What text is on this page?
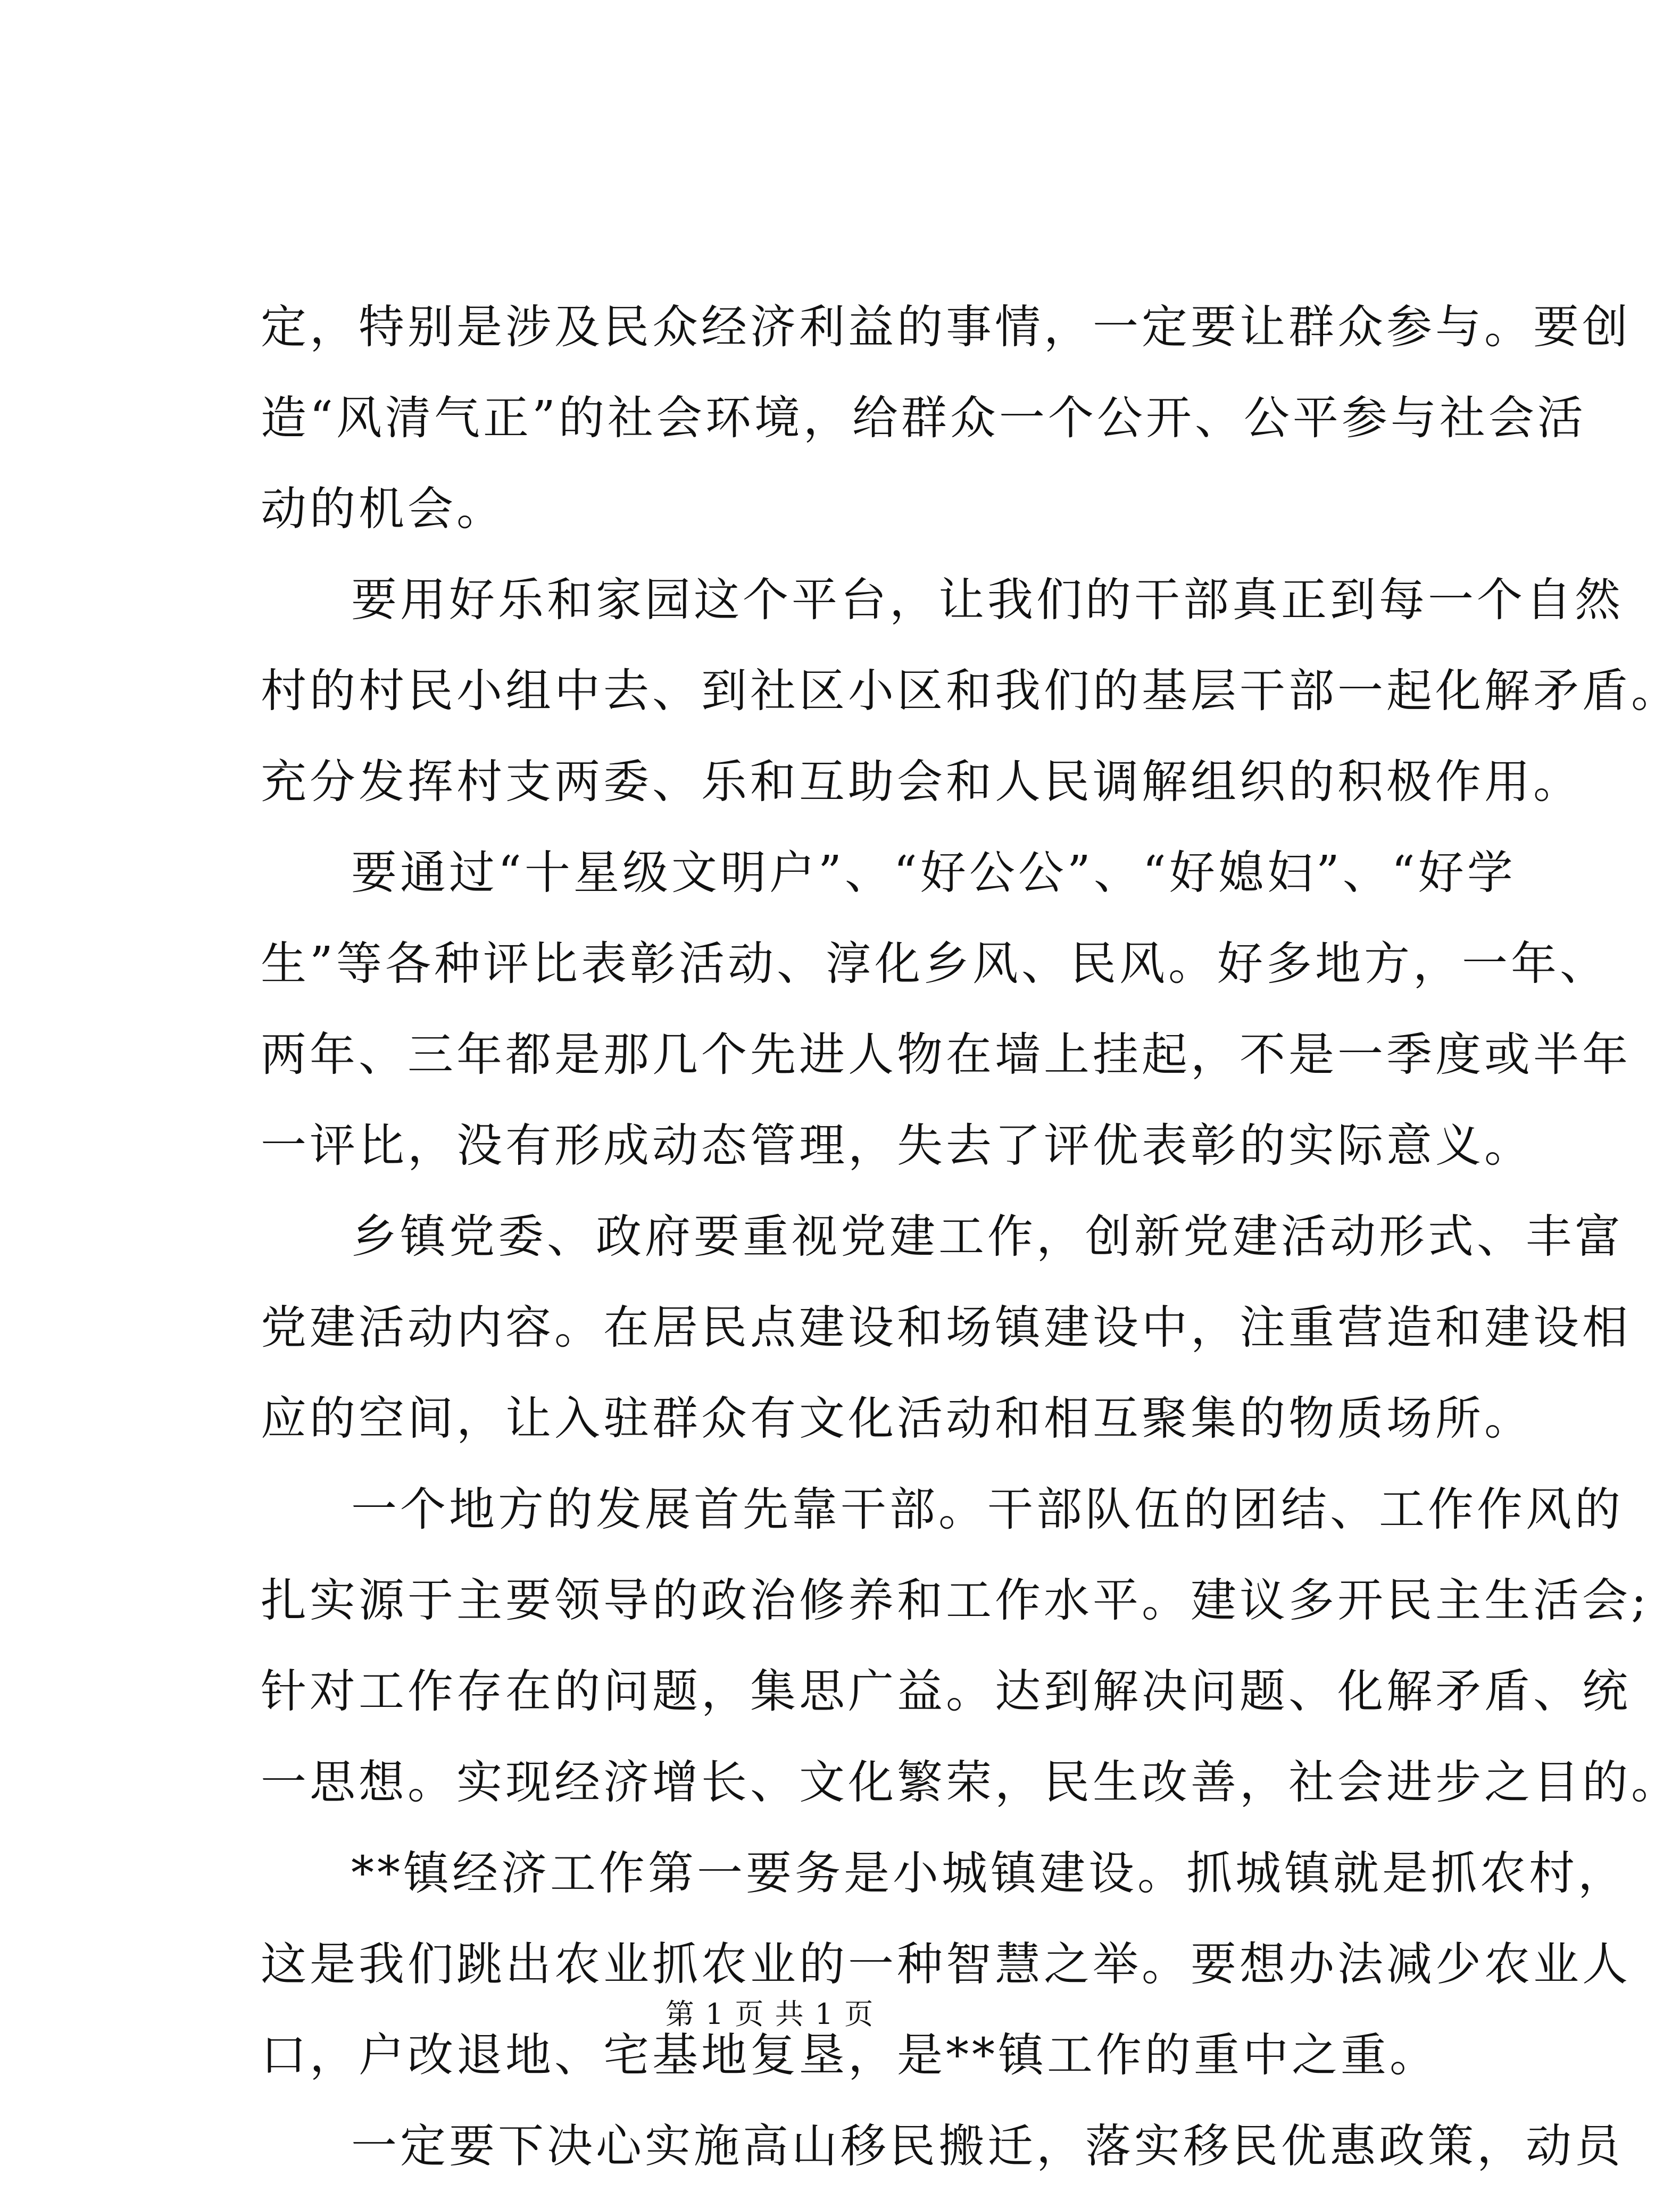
定，特别是涉及民众经济利益的事情，一定要让群众参与。要创
造“风清气正”的社会环境，给群众一个公开、公平参与社会活
动的机会。
要用好乐和家园这个平台，让我们的干部真正到每一个自然
村的村民小组中去、到社区小区和我们的基层干部一起化解矛盾。
充分发挥村支两委、乐和互助会和人民调解组织的积极作用。
要通过“十星级文明户”、“好公公”、“好媳妇”、“好学
生”等各种评比表彰活动、淳化乡风、民风。好多地方，一年、
两年、三年都是那几个先进人物在墙上挂起，不是一季度或半年
一评比，没有形成动态管理，失去了评优表彰的实际意义。
乡镇党委、政府要重视党建工作，创新党建活动形式、丰富
党建活动内容。在居民点建设和场镇建设中，注重营造和建设相
应的空间，让入驻群众有文化活动和相互聚集的物质场所。
一个地方的发展首先靠干部。干部队伍的团结、工作作风的
扎实源于主要领导的政治修养和工作水平。建议多开民主生活会;
针对工作存在的问题，集思广益。达到解决问题、化解矛盾、统
一思想。实现经济增长、文化繁荣，民生改善，社会进步之目的。
**镇经济工作第一要务是小城镇建设。抓城镇就是抓农村，
这是我们跳出农业抓农业的一种智慧之举。要想办法减少农业人
口，户改退地、宅基地复垦，是**镇工作的重中之重。
一定要下决心实施高山移民搬迁，落实移民优惠政策，动员
第 1 页 共 1 页
